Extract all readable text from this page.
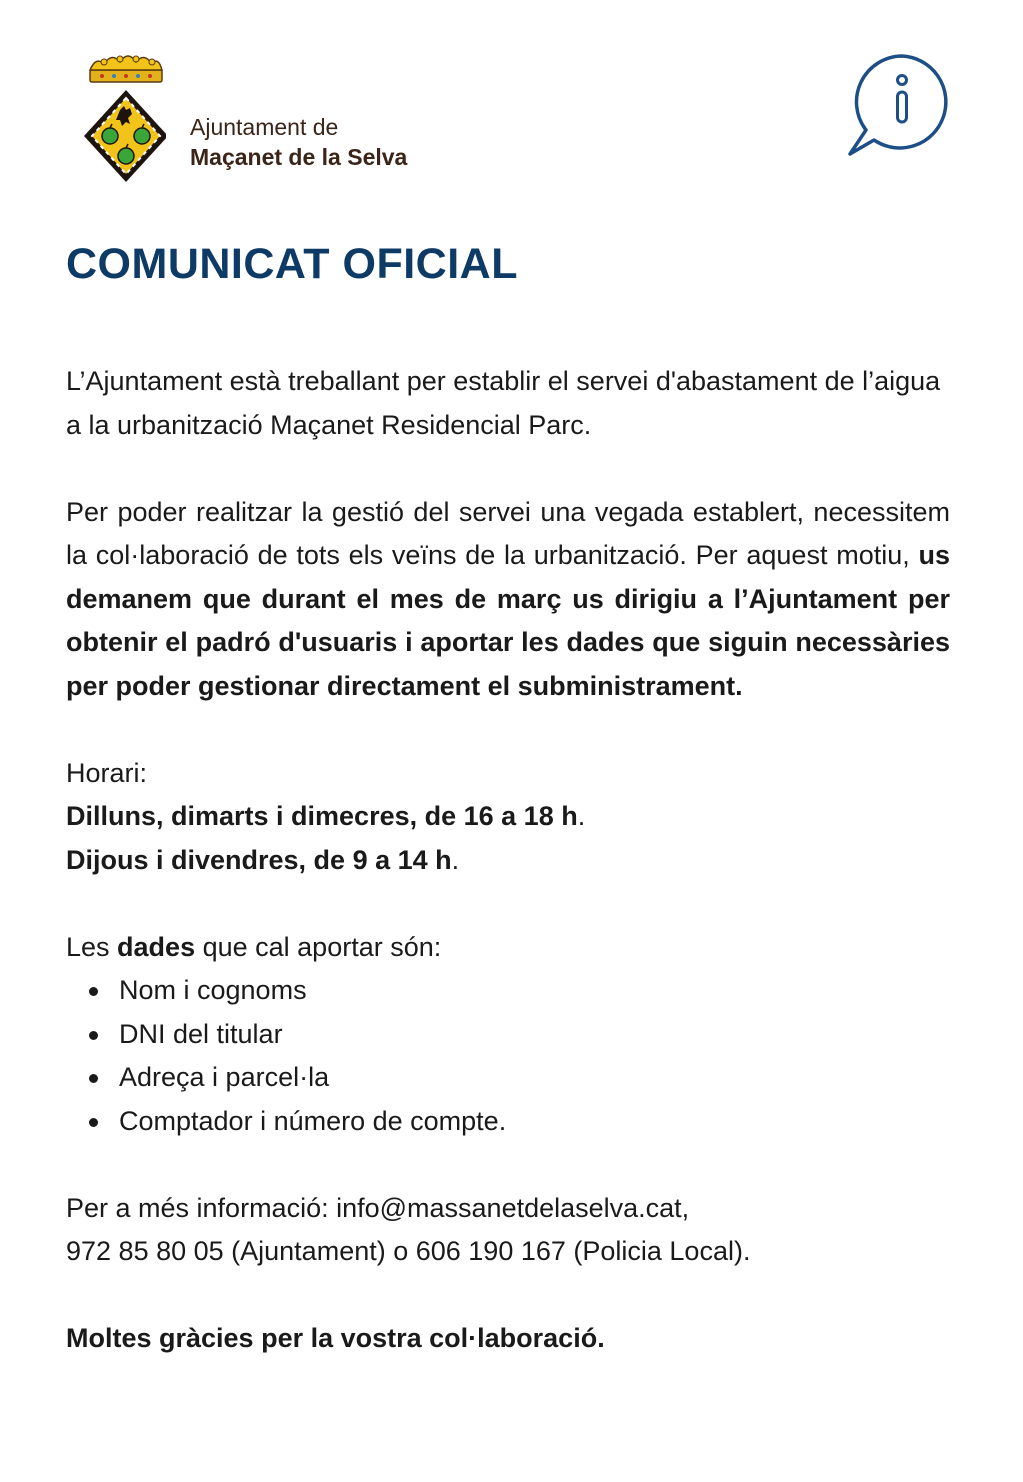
Ajuntament de
Maçanet de la Selva
COMUNICAT OFICIAL

L’Ajuntament està treballant per establir el servei d'abastament de l’aigua a la urbanització Maçanet Residencial Parc.

Per poder realitzar la gestió del servei una vegada establert, necessitem la col·laboració de tots els veïns de la urbanització. Per aquest motiu, us demanem que durant el mes de març us dirigiu a l’Ajuntament per obtenir el padró d'usuaris i aportar les dades que siguin necessàries per poder gestionar directament el subministrament.

Horari:

Dilluns, dimarts i dimecres, de 16 a 18 h.

Dijous i divendres, de 9 a 14 h.

Les dades que cal aportar són:

Nom i cognoms
DNI del titular
Adreça i parcel·la
Comptador i número de compte.

Per a més informació: info@massanetdelaselva.cat,

972 85 80 05 (Ajuntament) o 606 190 167 (Policia Local).

Moltes gràcies per la vostra col·laboració.
